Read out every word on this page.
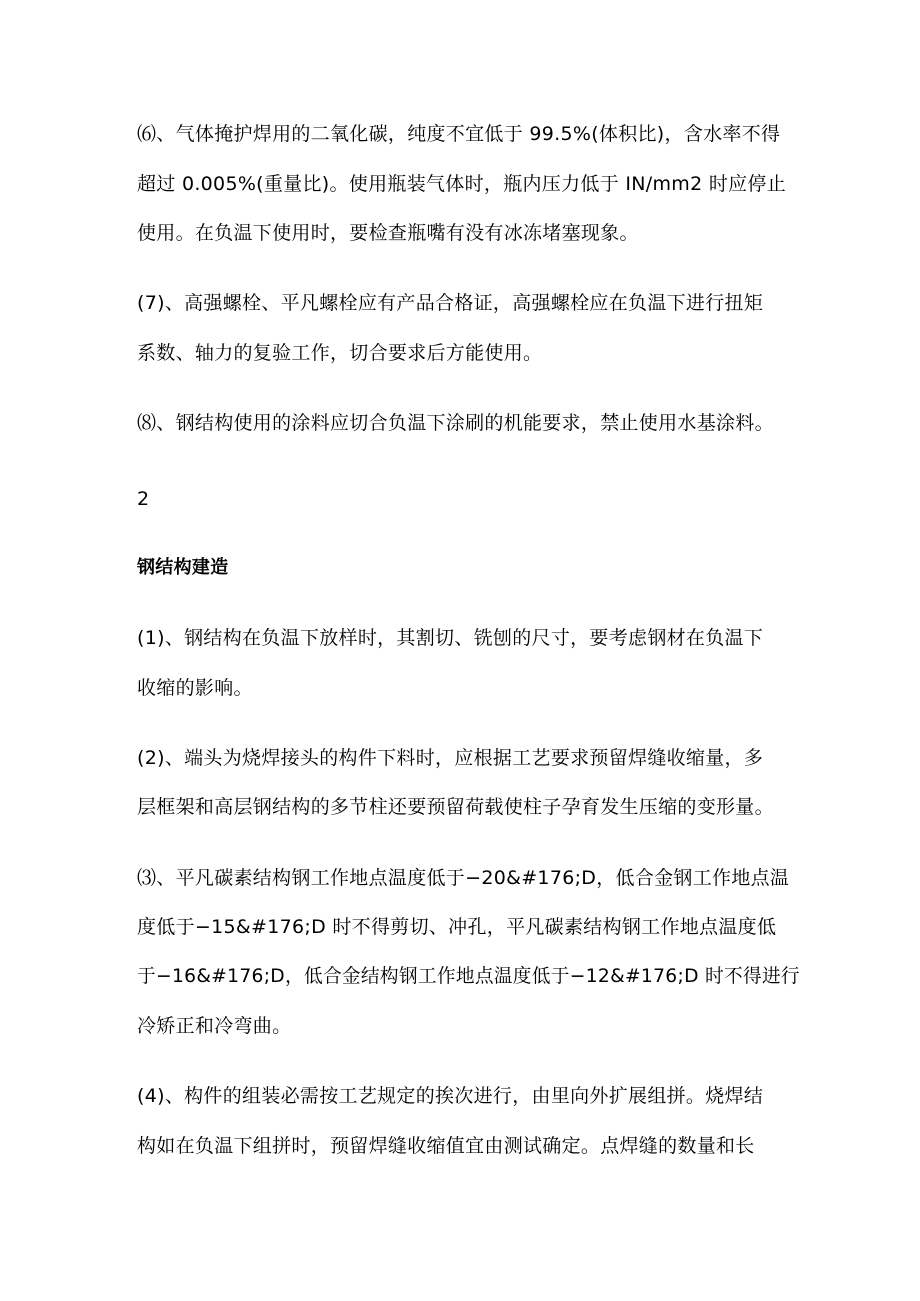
⑹、气体掩护焊用的二氧化碳，纯度不宜低于 99.5%(体积比)，含水率不得
超过 0.005%(重量比)。使用瓶装气体时，瓶内压力低于 IN/mm2 时应停止
使用。在负温下使用时，要检查瓶嘴有没有冰冻堵塞现象。
(7)、高强螺栓、平凡螺栓应有产品合格证，高强螺栓应在负温下进行扭矩
系数、轴力的复验工作，切合要求后方能使用。
⑻、钢结构使用的涂料应切合负温下涂刷的机能要求，禁止使用水基涂料。
2
钢结构建造
(1)、钢结构在负温下放样时，其割切、铣刨的尺寸，要考虑钢材在负温下
收缩的影响。
(2)、端头为烧焊接头的构件下料时，应根据工艺要求预留焊缝收缩量，多
层框架和高层钢结构的多节柱还要预留荷载使柱子孕育发生压缩的变形量。
⑶、平凡碳素结构钢工作地点温度低于−20&#176;D，低合金钢工作地点温
度低于−15&#176;D 时不得剪切、冲孔，平凡碳素结构钢工作地点温度低
于−16&#176;D，低合金结构钢工作地点温度低于−12&#176;D 时不得进行
冷矫正和冷弯曲。
(4)、构件的组装必需按工艺规定的挨次进行，由里向外扩展组拼。烧焊结
构如在负温下组拼时，预留焊缝收缩值宜由测试确定。点焊缝的数量和长
